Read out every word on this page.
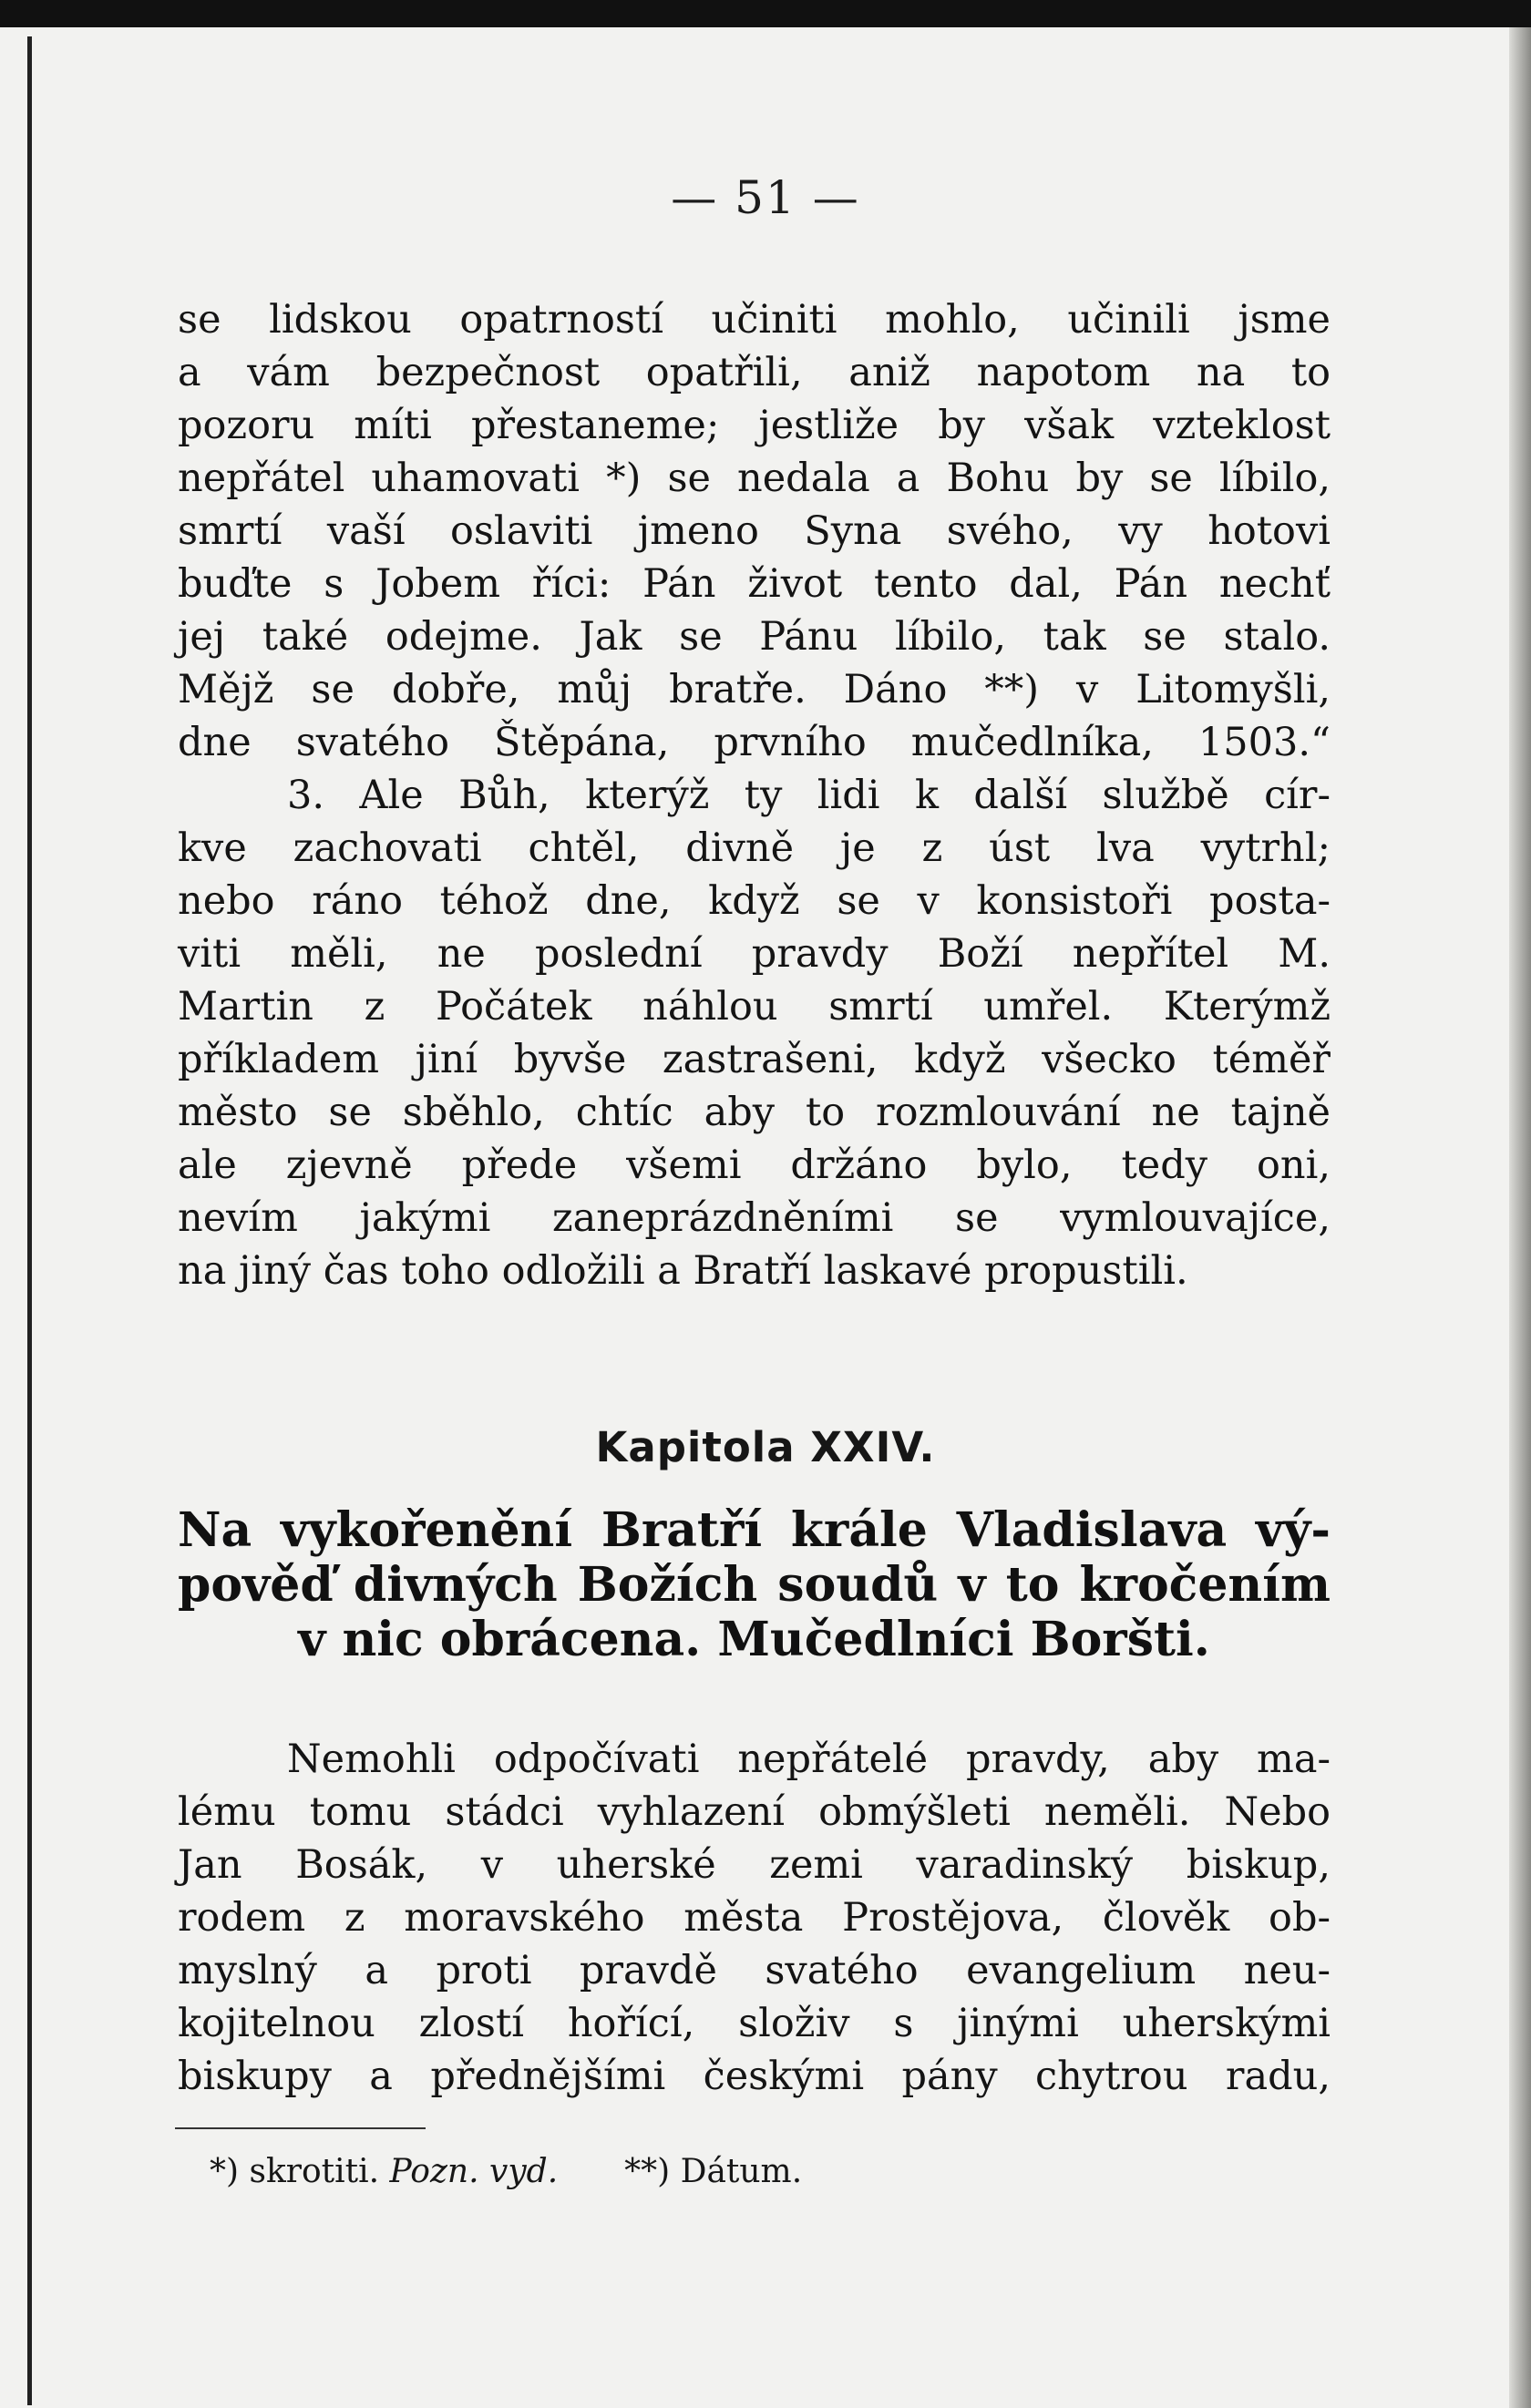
— 51 —
se lidskou opatrností učiniti mohlo, učinili jsme
a vám bezpečnost opatřili, aniž napotom na to
pozoru míti přestaneme; jestliže by však vzteklost
nepřátel uhamovati *) se nedala a Bohu by se líbilo,
smrtí vaší oslaviti jmeno Syna svého, vy hotovi
buďte s Jobem říci: Pán život tento dal, Pán nechť
jej také odejme. Jak se Pánu líbilo, tak se stalo.
Mějž se dobře, můj bratře. Dáno **) v Litomyšli,
dne svatého Štěpána, prvního mučedlníka, 1503.“
3. Ale Bůh, kterýž ty lidi k další službě cír-
kve zachovati chtěl, divně je z úst lva vytrhl;
nebo ráno téhož dne, když se v konsistoři posta-
viti měli, ne poslední pravdy Boží nepřítel M.
Martin z Počátek náhlou smrtí umřel. Kterýmž
příkladem jiní byvše zastrašeni, když všecko téměř
město se sběhlo, chtíc aby to rozmlouvání ne tajně
ale zjevně přede všemi držáno bylo, tedy oni,
nevím jakými zaneprázdněními se vymlouvajíce,
na jiný čas toho odložili a Bratří laskavé propustili.
Kapitola XXIV.
Na vykořenění Bratří krále Vladislava vý-
pověď divných Božích soudů v to kročením
v nic obrácena. Mučedlníci Boršti.
Nemohli odpočívati nepřátelé pravdy, aby ma-
lému tomu stádci vyhlazení obmýšleti neměli. Nebo
Jan Bosák, v uherské zemi varadinský biskup,
rodem z moravského města Prostějova, člověk ob-
myslný a proti pravdě svatého evangelium neu-
kojitelnou zlostí hořící, složiv s jinými uherskými
biskupy a přednějšími českými pány chytrou radu,
*) skrotiti. Pozn. vyd. **) Dátum.
